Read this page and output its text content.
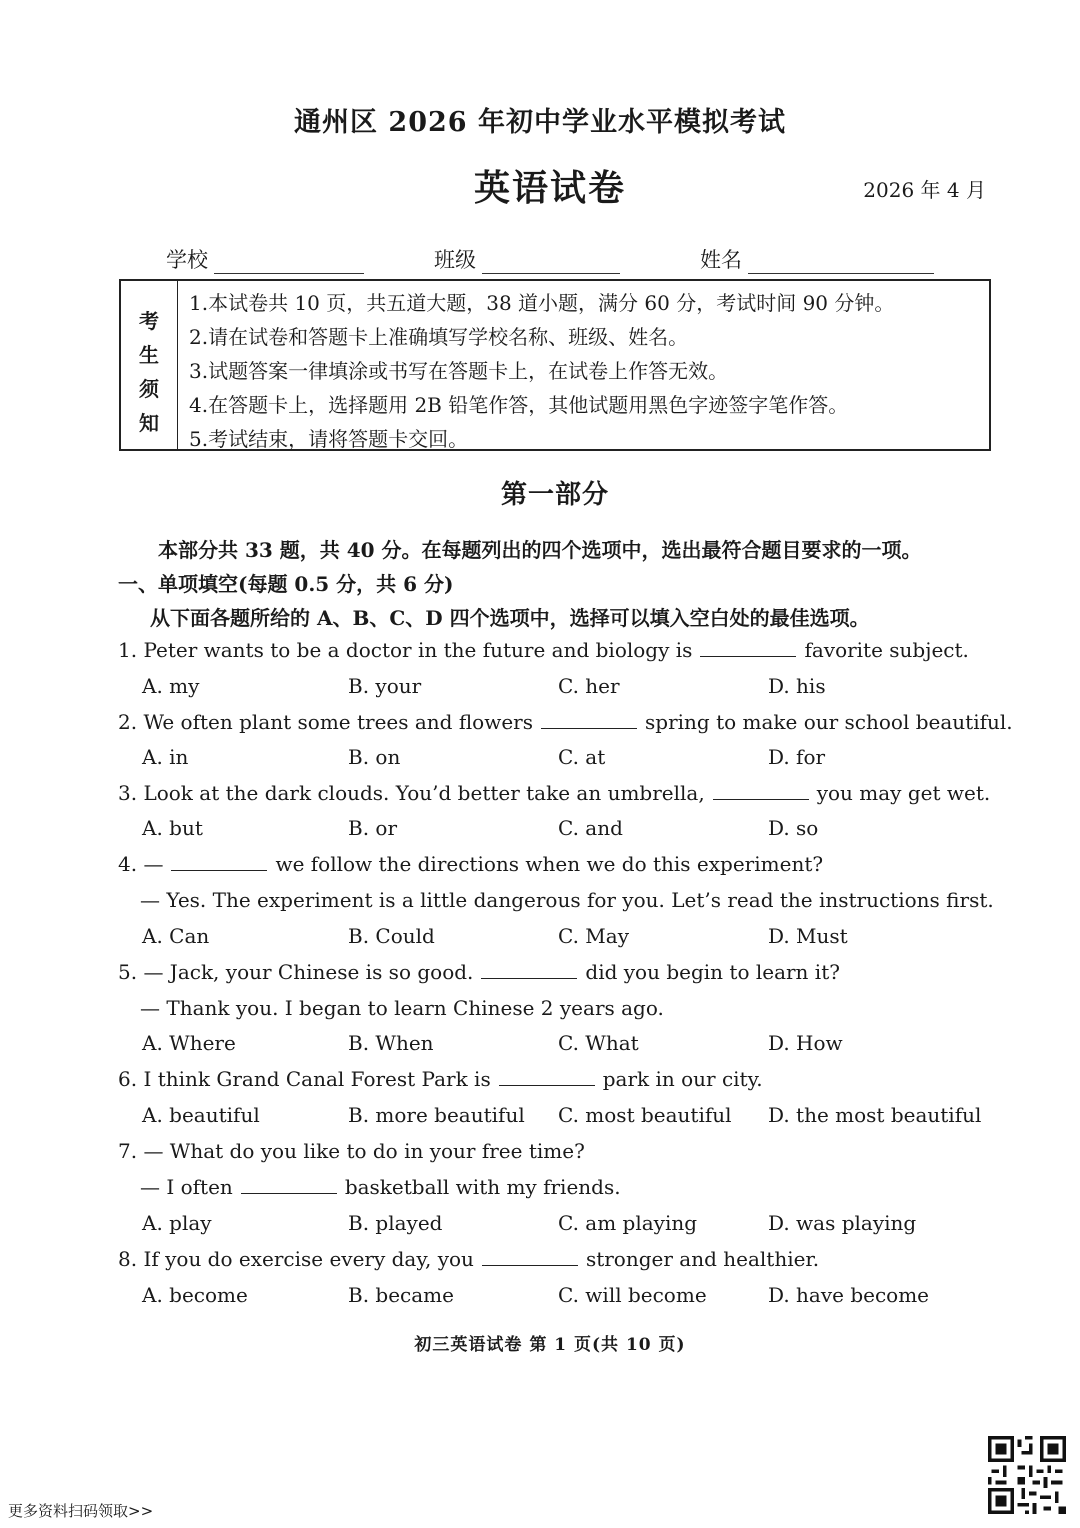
通州区 2026 年初中学业水平模拟考试
英语试卷	2026 年 4 月
学校	班级	姓名
考
生
须
知
1.本试卷共 10 页，共五道大题，38 道小题，满分 60 分，考试时间 90 分钟。
2.请在试卷和答题卡上准确填写学校名称、班级、姓名。
3.试题答案一律填涂或书写在答题卡上，在试卷上作答无效。
4.在答题卡上，选择题用 2B 铅笔作答，其他试题用黑色字迹签字笔作答。
5.考试结束，请将答题卡交回。
第一部分
本部分共 33 题，共 40 分。在每题列出的四个选项中，选出最符合题目要求的一项。
一、单项填空(每题 0.5 分，共 6 分)
从下面各题所给的 A、B、C、D 四个选项中，选择可以填入空白处的最佳选项。
1. Peter wants to be a doctor in the future and biology is	favorite subject.
A. my	B. your	C. her	D. his
2. We often plant some trees and flowers	spring to make our school beautiful.
A. in	B. on	C. at	D. for
3. Look at the dark clouds. You’d better take an umbrella,	you may get wet.
A. but	B. or	C. and	D. so
4. —	we follow the directions when we do this experiment?
— Yes. The experiment is a little dangerous for you. Let’s read the instructions first.
A. Can	B. Could	C. May	D. Must
5. — Jack, your Chinese is so good.	did you begin to learn it?
— Thank you. I began to learn Chinese 2 years ago.
A. Where	B. When	C. What	D. How
6. I think Grand Canal Forest Park is	park in our city.
A. beautiful	B. more beautiful C. most beautiful D. the most beautiful
7. — What do you like to do in your free time?
— I often	basketball with my friends.
A. play	B. played	C. am playing	D. was playing
8. If you do exercise every day, you	stronger and healthier.
A. become	B. became	C. will become	D. have become
初三英语试卷 第 1 页(共 10 页)
更多资料扫码领取>>
